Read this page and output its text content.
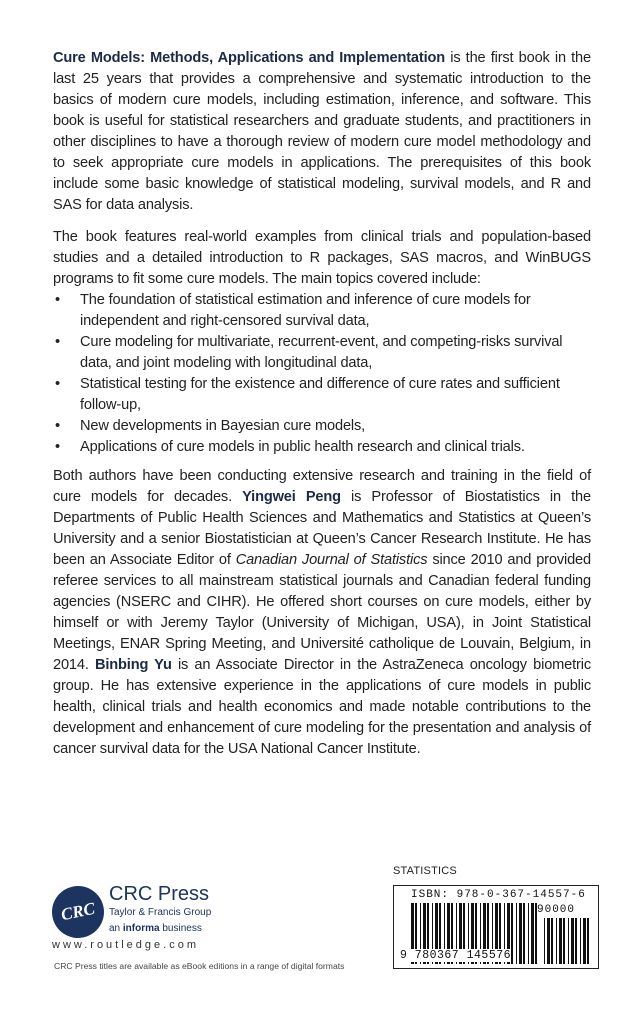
Cure Models: Methods, Applications and Implementation is the first book in the last 25 years that provides a comprehensive and systematic introduction to the basics of modern cure models, including estimation, inference, and software. This book is useful for statistical researchers and graduate students, and practitioners in other disciplines to have a thorough review of modern cure model methodology and to seek appropriate cure models in applications. The prerequisites of this book include some basic knowledge of statistical modeling, survival models, and R and SAS for data analysis.
The book features real-world examples from clinical trials and population-based studies and a detailed introduction to R packages, SAS macros, and WinBUGS programs to fit some cure models. The main topics covered include:
• The foundation of statistical estimation and inference of cure models for independent and right-censored survival data,
• Cure modeling for multivariate, recurrent-event, and competing-risks survival data, and joint modeling with longitudinal data,
• Statistical testing for the existence and difference of cure rates and sufficient follow-up,
• New developments in Bayesian cure models,
• Applications of cure models in public health research and clinical trials.
Both authors have been conducting extensive research and training in the field of cure models for decades. Yingwei Peng is Professor of Biostatistics in the Departments of Public Health Sciences and Mathematics and Statistics at Queen’s University and a senior Biostatistician at Queen’s Cancer Research Institute. He has been an Associate Editor of Canadian Journal of Statistics since 2010 and provided referee services to all mainstream statistical journals and Canadian federal funding agencies (NSERC and CIHR). He offered short courses on cure models, either by himself or with Jeremy Taylor (University of Michigan, USA), in Joint Statistical Meetings, ENAR Spring Meeting, and Université catholique de Louvain, Belgium, in 2014. Binbing Yu is an Associate Director in the AstraZeneca oncology biometric group. He has extensive experience in the applications of cure models in public health, clinical trials and health economics and made notable contributions to the development and enhancement of cure modeling for the presentation and analysis of cancer survival data for the USA National Cancer Institute.
CRC
CRC Press
Taylor & Francis Group
an informa business
www.routledge.com
CRC Press titles are available as eBook editions in a range of digital formats
STATISTICS
ISBN: 978-0-367-14557-6
90000
9 780367 145576
